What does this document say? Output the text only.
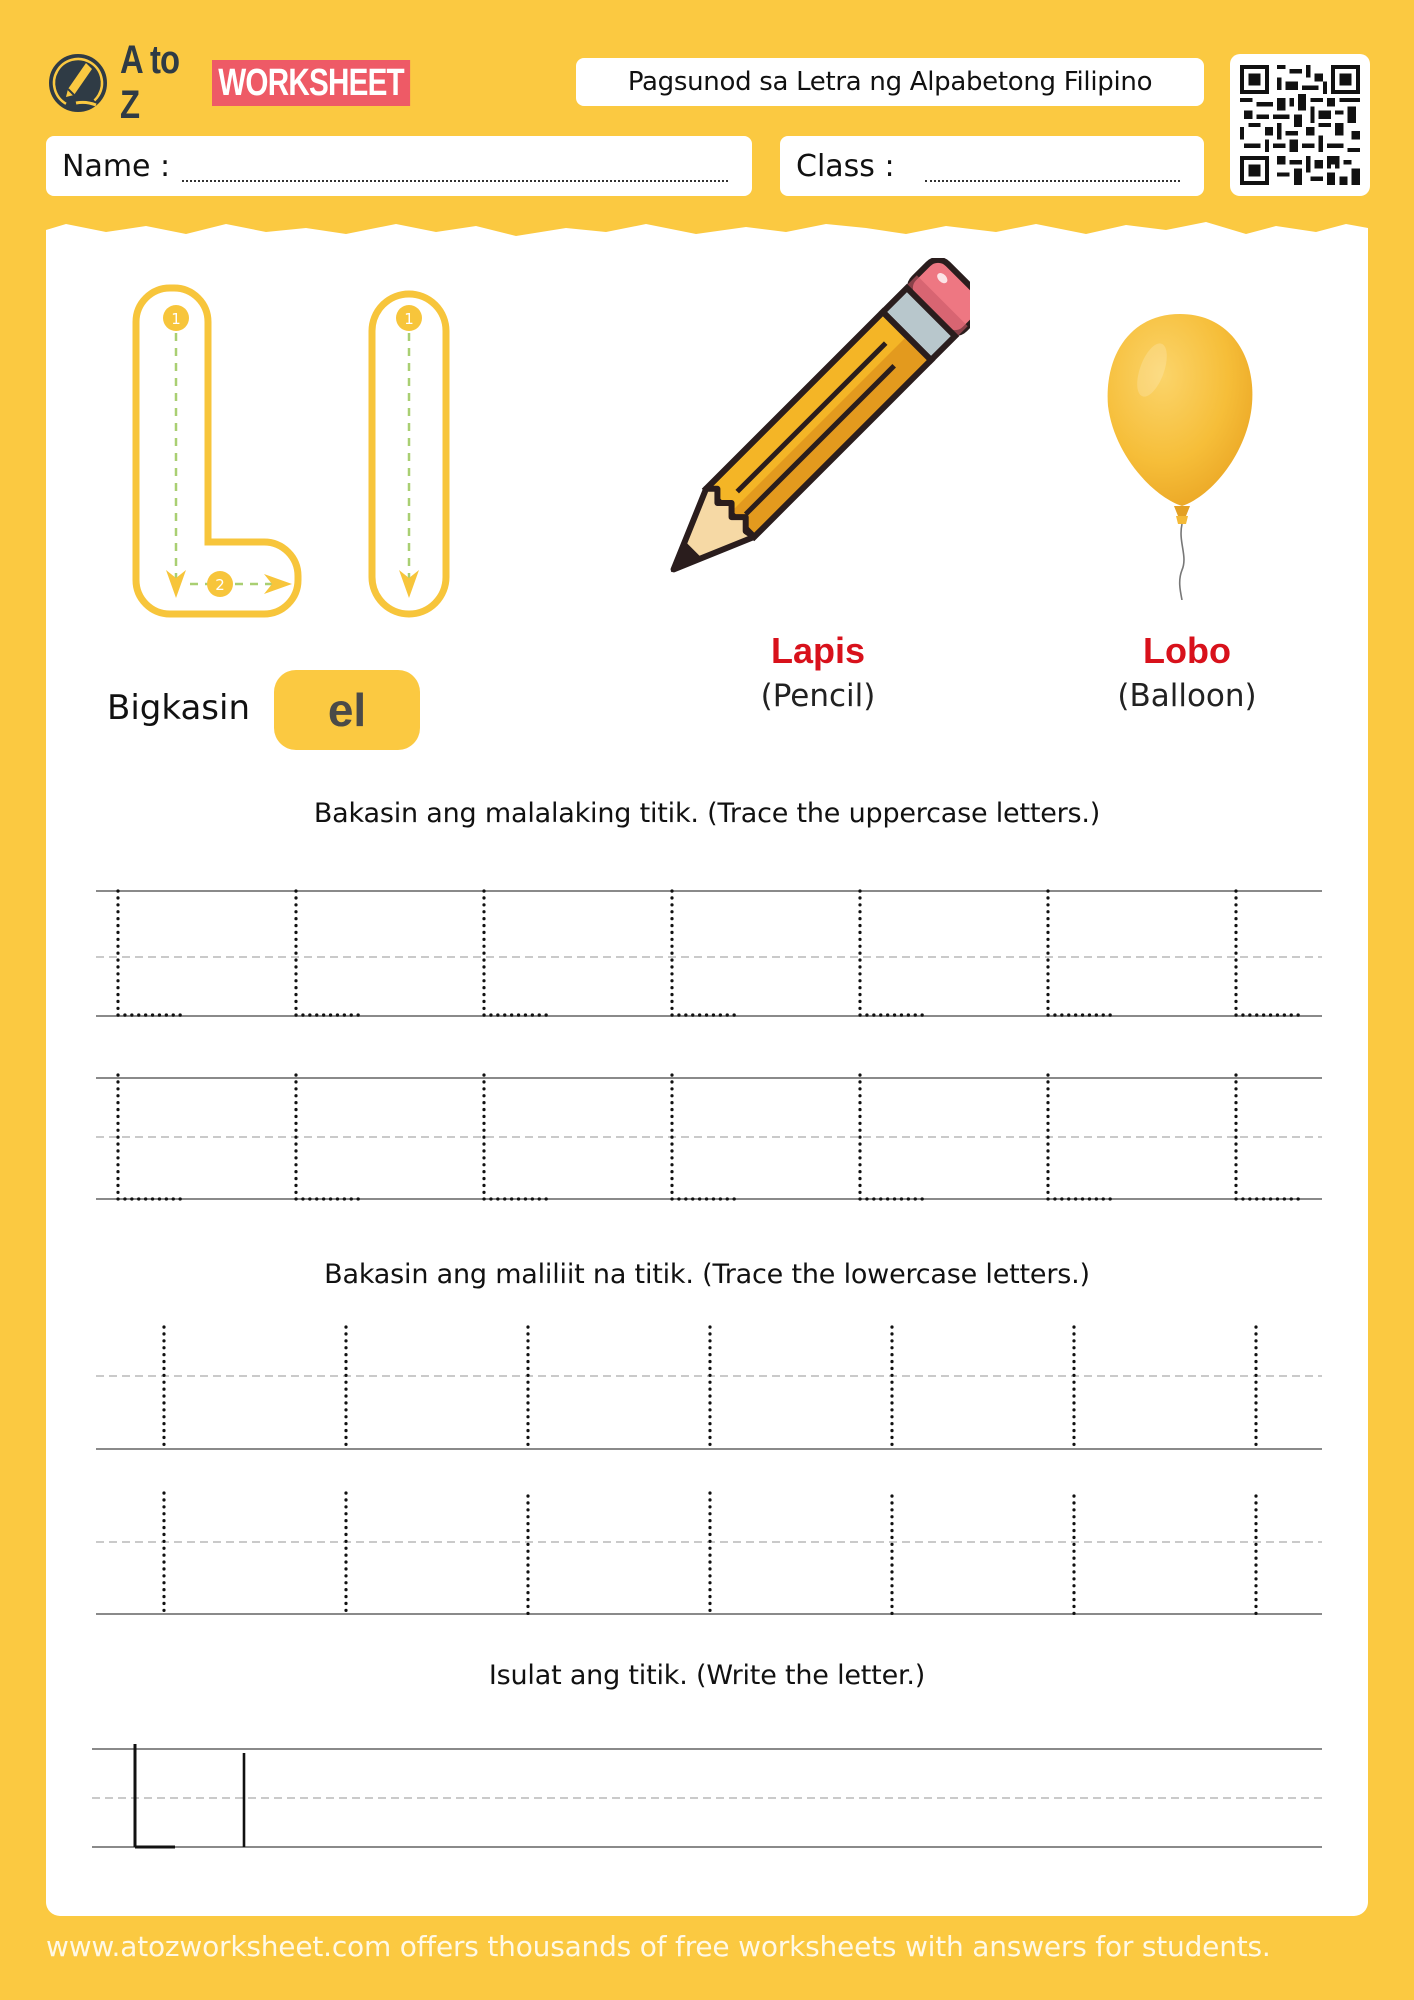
A to Z	WORKSHEET	Pagsunod sa Letra ng Alpabetong Filipino
Name :	Class :
1
2
1
Bigkasin	el
Lapis
(Pencil)
Lobo
(Balloon)
Bakasin ang malalaking titik. (Trace the uppercase letters.)
Bakasin ang maliliit na titik. (Trace the lowercase letters.)
Isulat ang titik. (Write the letter.)
www.atozworksheet.com offers thousands of free worksheets with answers for students.
